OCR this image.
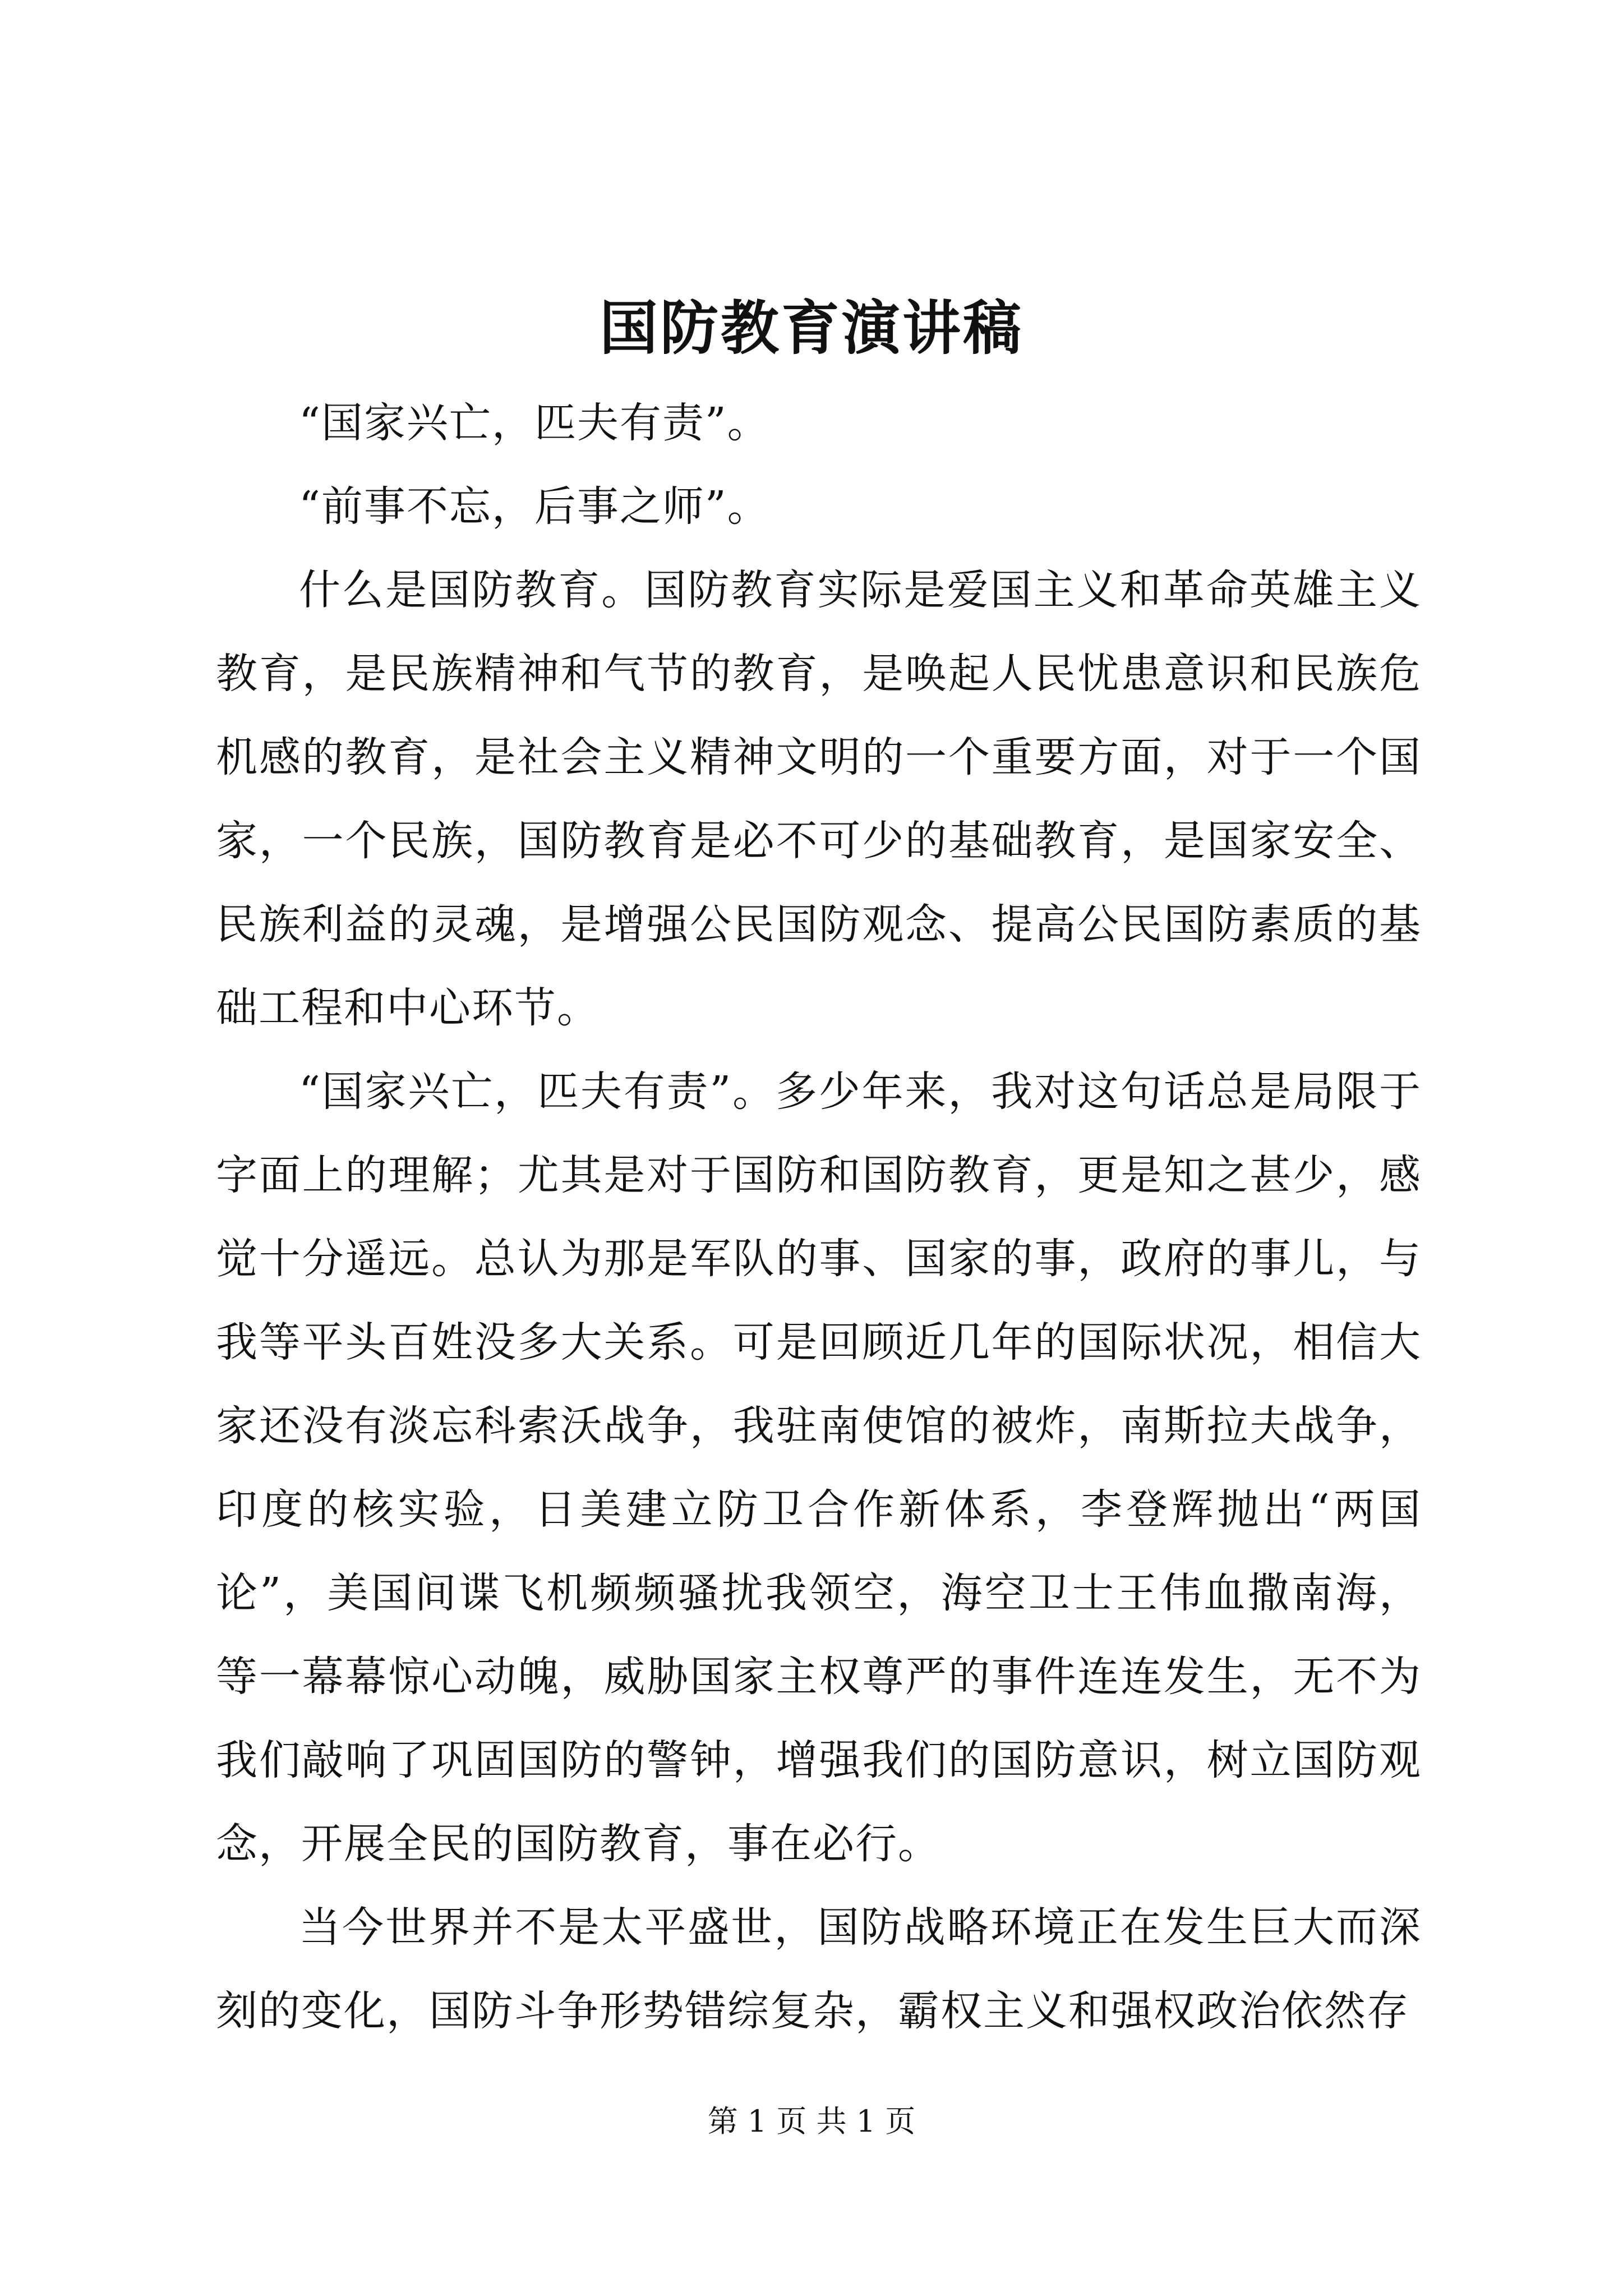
国防教育演讲稿

“国家兴亡，匹夫有责”。

“前事不忘，后事之师”。

什么是国防教育。国防教育实际是爱国主义和革命英雄主义教育，是民族精神和气节的教育，是唤起人民忧患意识和民族危机感的教育，是社会主义精神文明的一个重要方面，对于一个国家，一个民族，国防教育是必不可少的基础教育，是国家安全、民族利益的灵魂，是增强公民国防观念、提高公民国防素质的基础工程和中心环节。

“国家兴亡，匹夫有责”。多少年来，我对这句话总是局限于字面上的理解；尤其是对于国防和国防教育，更是知之甚少，感觉十分遥远。总认为那是军队的事、国家的事，政府的事儿，与我等平头百姓没多大关系。可是回顾近几年的国际状况，相信大家还没有淡忘科索沃战争，我驻南使馆的被炸，南斯拉夫战争，印度的核实验，日美建立防卫合作新体系，李登辉抛出“两国论”，美国间谍飞机频频骚扰我领空，海空卫士王伟血撒南海，等一幕幕惊心动魄，威胁国家主权尊严的事件连连发生，无不为我们敲响了巩固国防的警钟，增强我们的国防意识，树立国防观念，开展全民的国防教育，事在必行。

当今世界并不是太平盛世，国防战略环境正在发生巨大而深刻的变化，国防斗争形势错综复杂，霸权主义和强权政治依然存

第 1 页 共 1 页
